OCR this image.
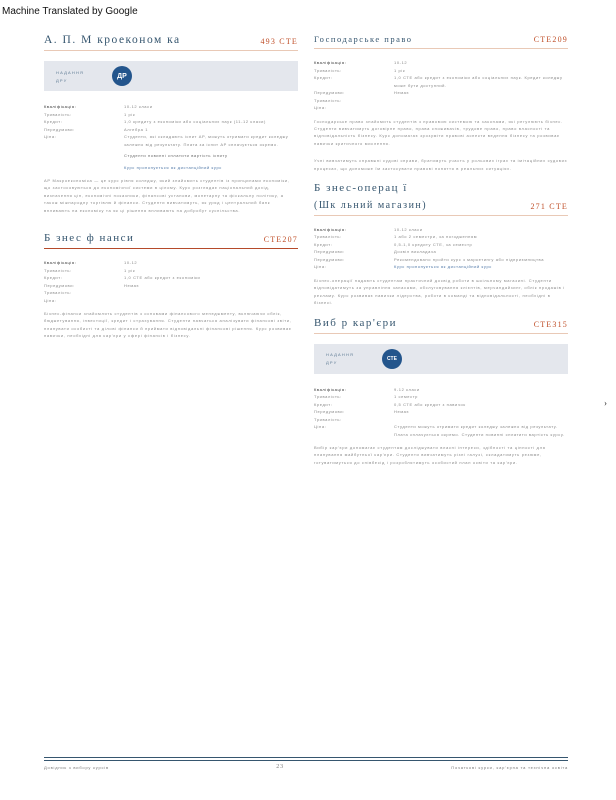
Machine Translated by Google
А. П. М кроеконом ка	493 СТЕ
НАДАННЯ
ДРУ
ДР
Кваліфікація:	10-12 класи
Тривалість:	1 рік
Кредит:	1,0 кредиту з економіки або соціальних наук (11-12 класи)
Передумови:	Алгебра 1
Ціна:	Студенти, які складають іспит AP, можуть отримати кредит коледжу залежно від результату. Плата за іспит AP сплачується окремо.
Студенти повинні сплатити вартість іспиту
Курс пропонується як дистанційний курс

AP Макроекономіка — це курс рівня коледжу, який знайомить студентів із принципами економіки, що застосовуються до економічної системи в цілому. Курс розглядає національний дохід, визначення цін, економічні показники, фінансові установи, монетарну та фіскальну політику, а також міжнародну торгівлю й фінанси. Студенти вивчатимуть, як уряд і центральний банк впливають на економіку та як ці рішення впливають на добробут суспільства.

Б знес ф нанси	СТЕ207
Кваліфікація:	10-12
Тривалість:	1 рік
Кредит:	1,0 СТЕ або кредит з економіки
Передумови:	Немає
Тривалість:
Ціна:

Бізнес-фінанси знайомлять студентів з основами фінансового менеджменту, включаючи облік, бюджетування, інвестиції, кредит і страхування. Студенти навчаться аналізувати фінансові звіти, планувати особисті та ділові фінанси й приймати відповідальні фінансові рішення. Курс розвиває навички, необхідні для кар'єри у сфері фінансів і бізнесу.

Господарське право	СТЕ209
Кваліфікація:	10-12
Тривалість:	1 рік
Кредит:	1,0 СТЕ або кредит з економіки або соціальних наук. Кредит коледжу може бути доступний.
Передумови:	Немає
Тривалість:
Ціна:

Господарське право знайомить студентів з правовою системою та законами, які регулюють бізнес. Студенти вивчатимуть договірне право, права споживачів, трудове право, право власності та відповідальність бізнесу. Курс допомагає зрозуміти правові аспекти ведення бізнесу та розвиває навички критичного мислення.

Учні вивчатимуть справжні судові справи, братимуть участь у рольових іграх та імітаційних судових процесах, що допоможе їм застосувати правові поняття в реальних ситуаціях.

Б знес-операц ї
(Шк льний магазин)	271 СТЕ
Кваліфікація:	10-12 класи
Тривалість:	1 або 2 семестри, за погодженням
Кредит:	0,5-1,0 кредиту СТЕ, за семестр
Передумови:	Дозвіл викладача
Передумови:	Рекомендовано пройти курс з маркетингу або підприємництва
Ціна:	Курс пропонується як дистанційний курс

Бізнес-операції надають студентам практичний досвід роботи в шкільному магазині. Студенти відповідатимуть за управління запасами, обслуговування клієнтів, мерчандайзинг, облік продажів і рекламу. Курс розвиває навички лідерства, роботи в команді та відповідальності, необхідні в бізнесі.

Виб р кар'єри	СТЕ315
НАДАННЯ
ДРУ
СТЕ
Кваліфікація:	9-12 класи
Тривалість:	1 семестр
Кредит:	0,5 СТЕ або кредит з навичок
Передумови:	Немає
Тривалість:
Ціна:	Студенти можуть отримати кредит коледжу залежно від результату. Плата сплачується окремо. Студенти повинні сплатити вартість курсу.

Вибір кар'єри допомагає студентам досліджувати власні інтереси, здібності та цінності для планування майбутньої кар'єри. Студенти вивчатимуть різні галузі, складатимуть резюме, готуватимуться до співбесід і розроблятимуть особистий план освіти та кар'єри.

›
Довідник з вибору курсів	23	Початкові курси, кар'єрна та технічна освіта
